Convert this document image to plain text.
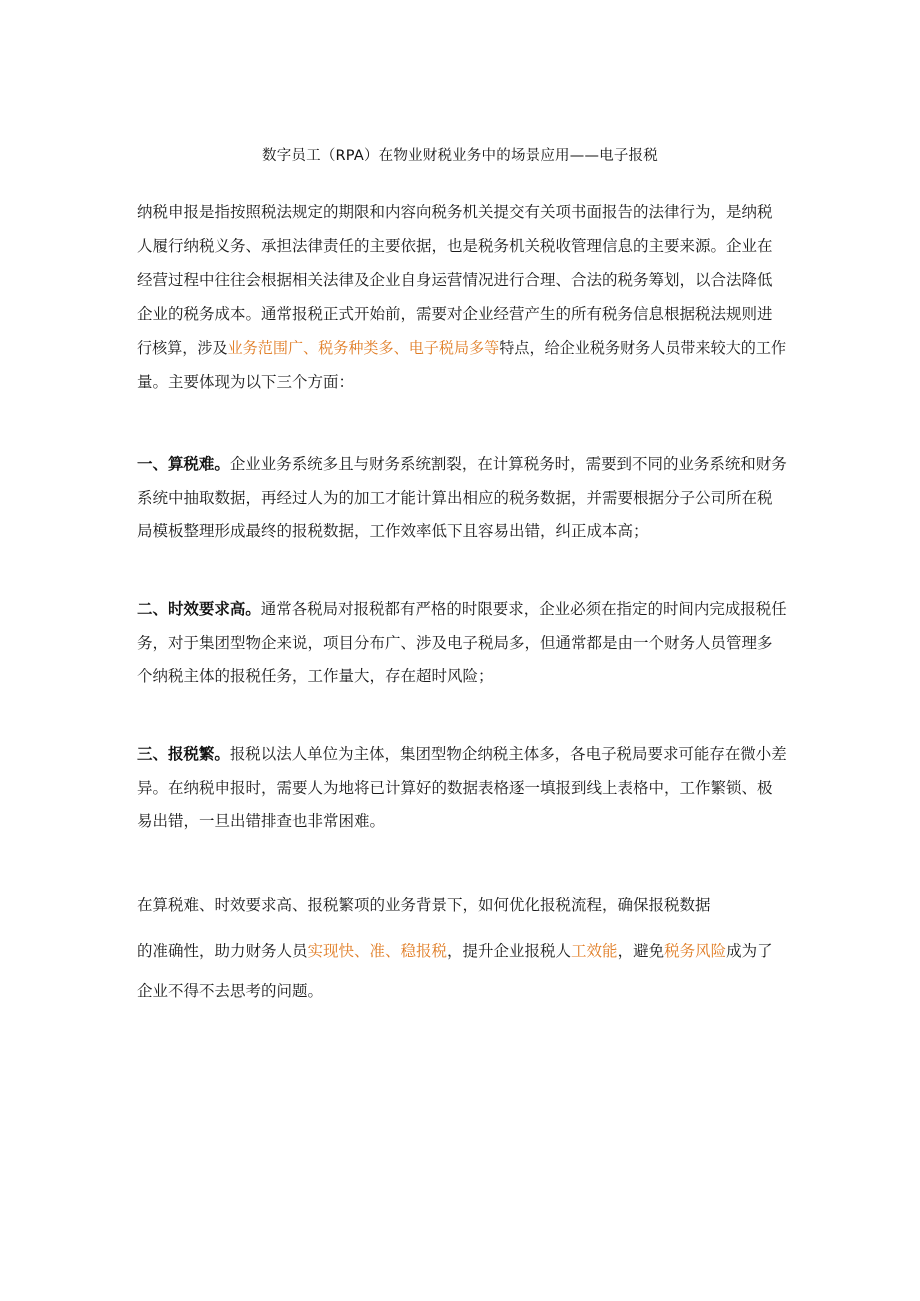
数字员工（RPA）在物业财税业务中的场景应用——电子报税
纳税申报是指按照税法规定的期限和内容向税务机关提交有关项书面报告的法律行为，是纳税
人履行纳税义务、承担法律责任的主要依据，也是税务机关税收管理信息的主要来源。企业在
经营过程中往往会根据相关法律及企业自身运营情况进行合理、合法的税务筹划，以合法降低
企业的税务成本。通常报税正式开始前，需要对企业经营产生的所有税务信息根据税法规则进
行核算，涉及业务范围广、税务种类多、电子税局多等特点，给企业税务财务人员带来较大的工作
量。主要体现为以下三个方面：
一、算税难。企业业务系统多且与财务系统割裂，在计算税务时，需要到不同的业务系统和财务
系统中抽取数据，再经过人为的加工才能计算出相应的税务数据，并需要根据分子公司所在税
局模板整理形成最终的报税数据，工作效率低下且容易出错，纠正成本高；
二、时效要求高。通常各税局对报税都有严格的时限要求，企业必须在指定的时间内完成报税任
务，对于集团型物企来说，项目分布广、涉及电子税局多，但通常都是由一个财务人员管理多
个纳税主体的报税任务，工作量大，存在超时风险；
三、报税繁。报税以法人单位为主体，集团型物企纳税主体多，各电子税局要求可能存在微小差
异。在纳税申报时，需要人为地将已计算好的数据表格逐一填报到线上表格中，工作繁锁、极
易出错，一旦出错排查也非常困难。
在算税难、时效要求高、报税繁项的业务背景下，如何优化报税流程，确保报税数据
的准确性，助力财务人员实现快、准、稳报税，提升企业报税人工效能，避免税务风险成为了
企业不得不去思考的问题。
